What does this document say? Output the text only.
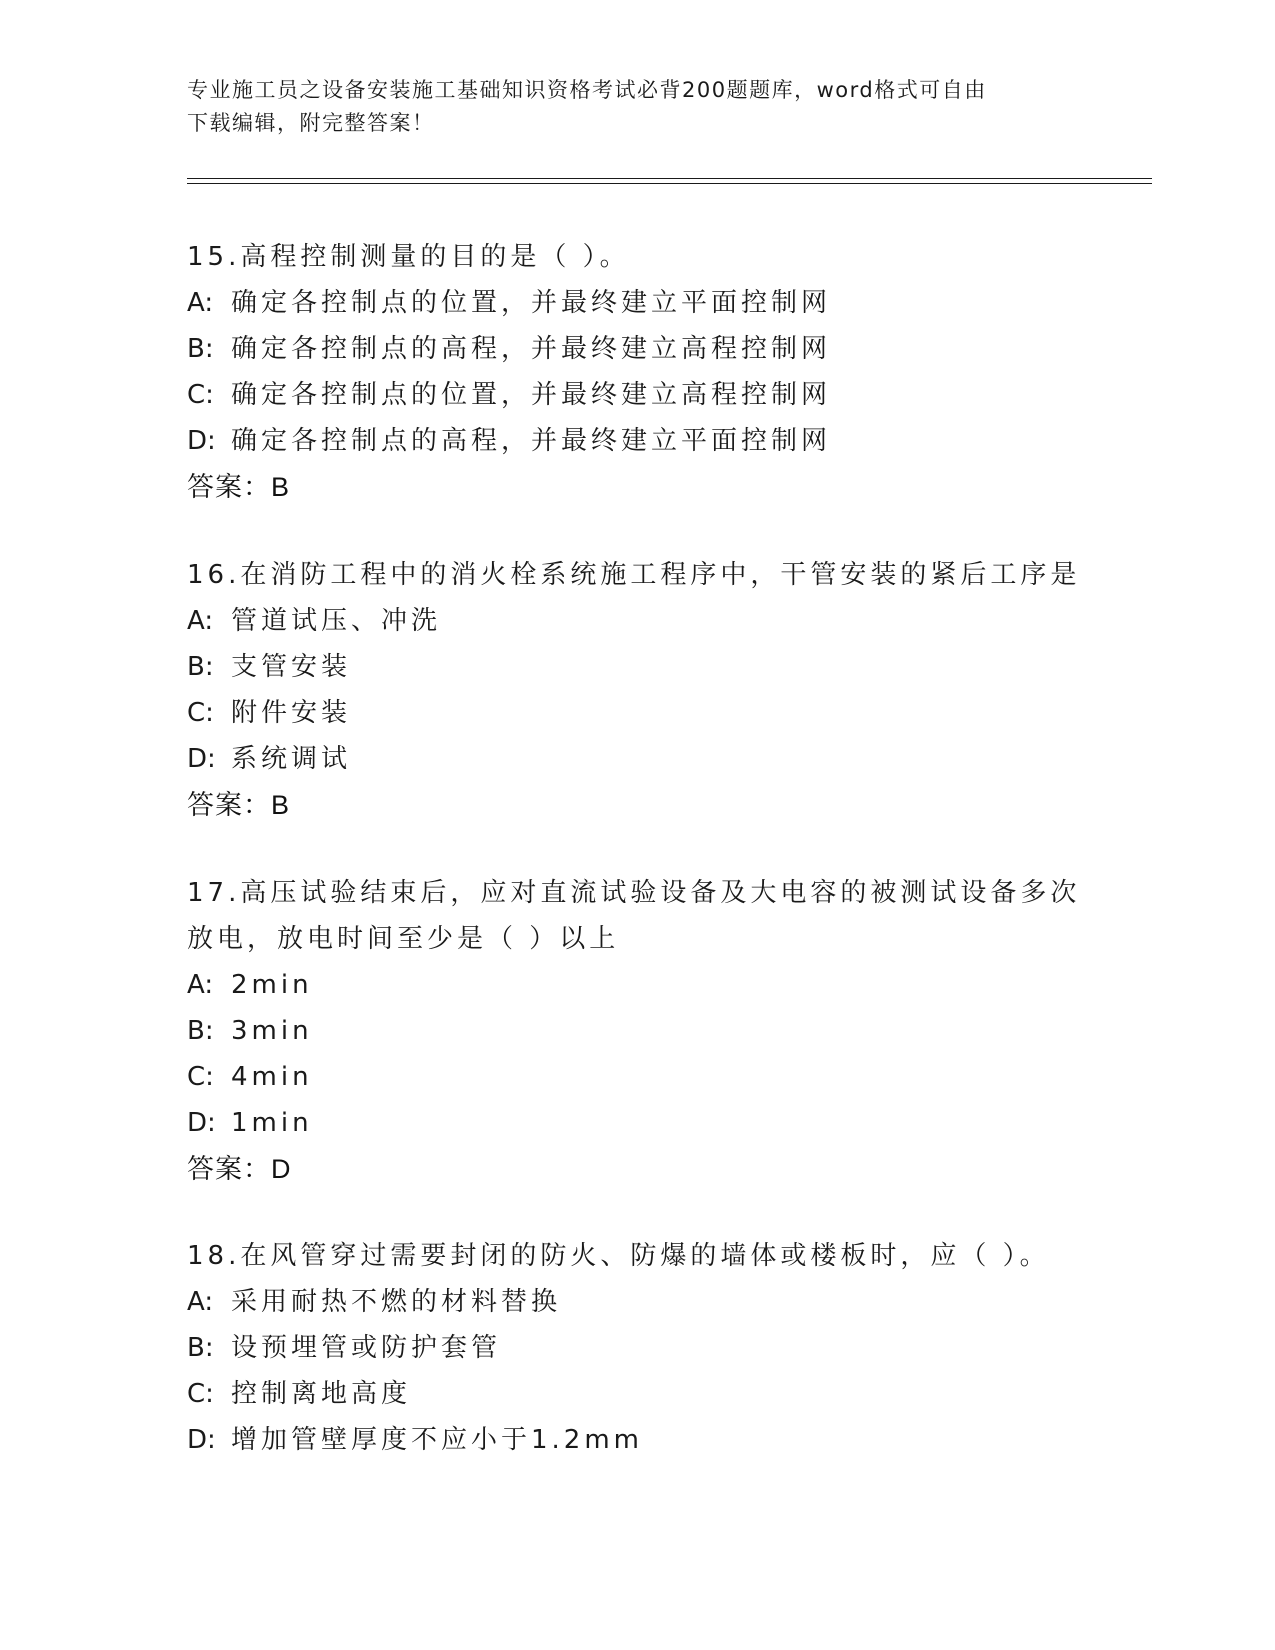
专业施工员之设备安装施工基础知识资格考试必背200题题库，word格式可自由
下载编辑，附完整答案！

15.高程控制测量的目的是（ ）。

A: 确定各控制点的位置，并最终建立平面控制网

B: 确定各控制点的高程，并最终建立高程控制网

C: 确定各控制点的位置，并最终建立高程控制网

D: 确定各控制点的高程，并最终建立平面控制网

答案：B

16.在消防工程中的消火栓系统施工程序中，干管安装的紧后工序是

A: 管道试压、冲洗

B: 支管安装

C: 附件安装

D: 系统调试

答案：B

17.高压试验结束后，应对直流试验设备及大电容的被测试设备多次放电，放电时间至少是（ ）以上

A: 2min

B: 3min

C: 4min

D: 1min

答案：D

18.在风管穿过需要封闭的防火、防爆的墙体或楼板时，应（ ）。

A: 采用耐热不燃的材料替换

B: 设预埋管或防护套管

C: 控制离地高度

D: 增加管壁厚度不应小于1.2mm
